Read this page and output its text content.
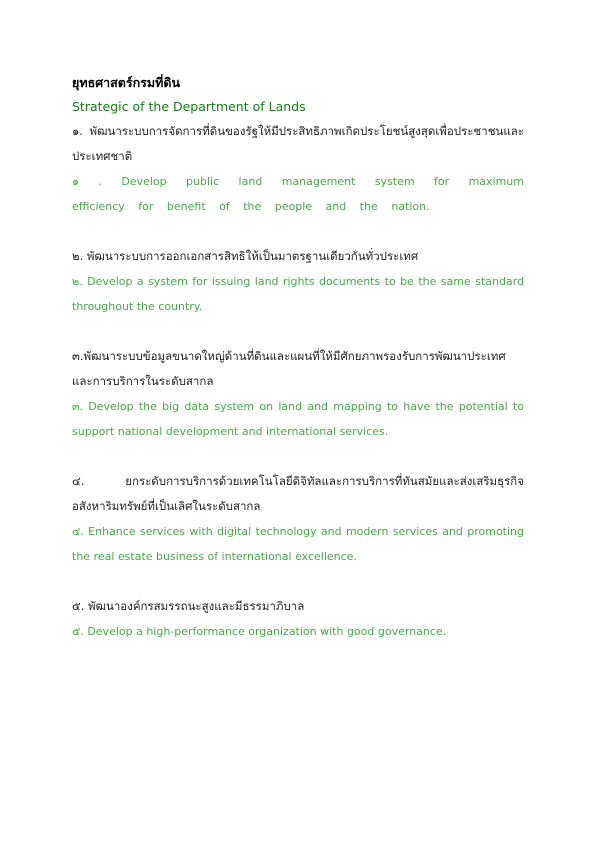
ยุทธศาสตร์กรมที่ดิน

Strategic of the Department of Lands

๑. พัฒนาระบบการจัดการที่ดินของรัฐให้มีประสิทธิภาพเกิดประโยชน์สูงสุดเพื่อประชาชนและประเทศชาติ

๑ . Develop public land management system for maximum efficiency for benefit of the people and the nation.

๒. พัฒนาระบบการออกเอกสารสิทธิให้เป็นมาตรฐานเดียวกันทั่วประเทศ

๒. Develop a system for issuing land rights documents to be the same standard throughout the country.

๓.พัฒนาระบบข้อมูลขนาดใหญ่ด้านที่ดินและแผนที่ให้มีศักยภาพรองรับการพัฒนาประเทศและการบริการในระดับสากล

๓. Develop the big data system on land and mapping to have the potential to support national development and international services.

๔. ยกระดับการบริการด้วยเทคโนโลยีดิจิทัลและการบริการที่ทันสมัยและส่งเสริมธุรกิจอสังหาริมทรัพย์ที่เป็นเลิศในระดับสากล

๔. Enhance services with digital technology and modern services and promoting the real estate business of international excellence.

๕. พัฒนาองค์กรสมรรถนะสูงและมีธรรมาภิบาล

๕. Develop a high-performance organization with good governance.
